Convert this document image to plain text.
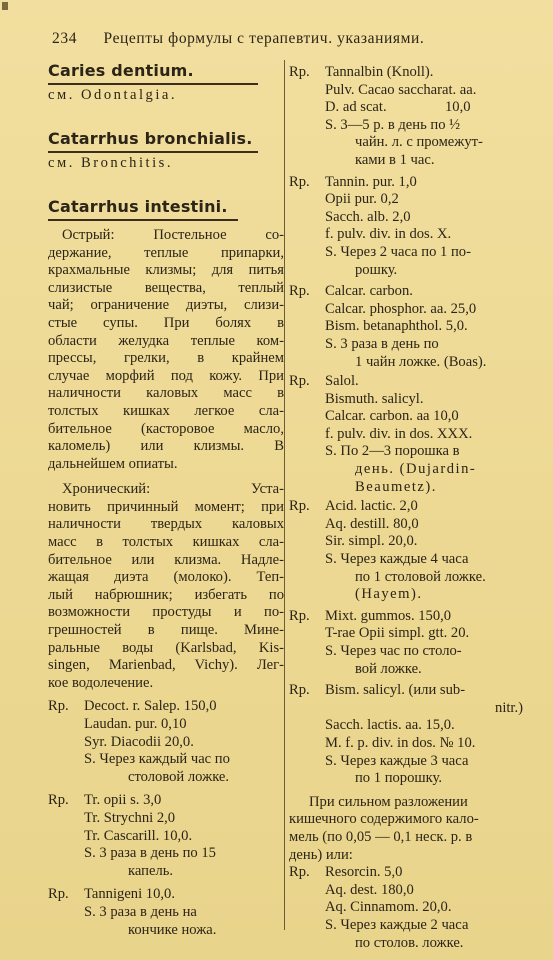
234 Рецепты формулы с терапевтич. указаниями.
Caries dentium.
см. Odontalgia.
Catarrhus bronchialis.
см. Bronchitis.
Catarrhus intestini.

Острый: Постельное со-

держание, теплые припарки,

крахмальные клизмы; для питья

слизистые вещества, теплый

чай; ограничение диэты, слизи-

стые супы. При болях в

области желудка теплые ком-

прессы, грелки, в крайнем

случае морфий под кожу. При

наличности каловых масс в

толстых кишках легкое сла-

бительное (касторовое масло,

каломель) или клизмы. В

дальнейшем опиаты.

Хронический: Уста-

новить причинный момент; при

наличности твердых каловых

масс в толстых кишках сла-

бительное или клизма. Надле-

жащая диэта (молоко). Теп-

лый набрюшник; избегать по

возможности простуды и по-

грешностей в пище. Мине-

ральные воды (Karlsbad, Kis-

singen, Marienbad, Vichy). Лег-

кое водолечение.

Rp.	Decoct. r. Salep. 150,0
Laudan. pur. 0,10
Syr. Diacodii 20,0.
S. Через каждый час по
столовой ложке.
Rp.	Tr. opii s. 3,0
Tr. Strychni 2,0
Tr. Cascarill. 10,0.
S. 3 раза в день по 15
капель.
Rp.	Tannigeni 10,0.
S. 3 раза в день на
кончике ножа.
Rp.	Tannalbin (Knoll).
Pulv. Cacao saccharat. aa.
D. ad scat.                10,0
S. 3—5 р. в день по ½
чайн. л. с промежут-
ками в 1 час.
Rp.	Tannin. pur. 1,0
Opii pur. 0,2
Sacch. alb. 2,0
f. pulv. div. in dos. X.
S. Через 2 часа по 1 по-
рошку.
Rp.	Calcar. carbon.
Calcar. phosphor. aa. 25,0
Bism. betanaphthol. 5,0.
S. 3 раза в день по
1 чайн ложке. (Boas).
Rp.	Salol.
Bismuth. salicyl.
Calcar. carbon. aa 10,0
f. pulv. div. in dos. XXX.
S. По 2—3 порошка в
день. (Dujardin-
Beaumetz).
Rp.	Acid. lactic. 2,0
Aq. destill. 80,0
Sir. simpl. 20,0.
S. Через каждые 4 часа
по 1 столовой ложке.
(Hayem).
Rp.	Mixt. gummos. 150,0
T-rae Opii simpl. gtt. 20.
S. Через час по столо-
вой ложке.
Rp.	Bism. salicyl. (или sub-
nitr.)
Sacch. lactis. aa. 15,0.
M. f. p. div. in dos. № 10.
S. Через каждые 3 часа
по 1 порошку.

При сильном разложении

кишечного содержимого кало-

мель (по 0,05 — 0,1 неск. р. в

день) или:

Rp.	Resorcin. 5,0
Aq. dest. 180,0
Aq. Cinnamom. 20,0.
S. Через каждые 2 часа
по столов. ложке.
